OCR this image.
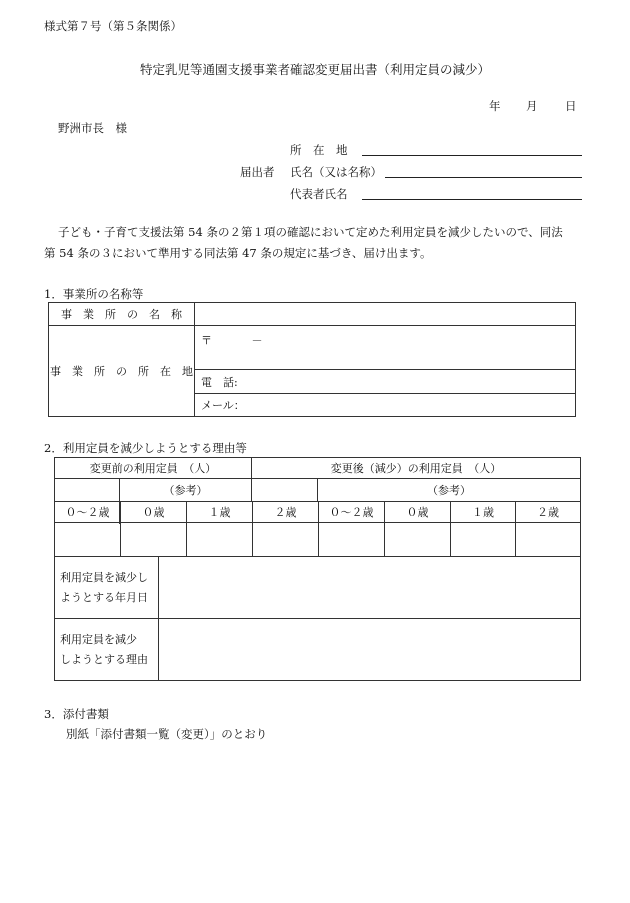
様式第７号（第５条関係）
特定乳児等通園支援事業者確認変更届出書（利用定員の減少）
年 月 日
野洲市長　様
所　在　地
届出者 氏名（又は名称）
代表者氏名
子ども・子育て支援法第 54 条の２第１項の確認において定めた利用定員を減少したいので、同法
第 54 条の３において準用する同法第 47 条の規定に基づき、届け出ます。
1．事業所の名称等
事　業　所　の　名　称	
事　業　所　の　所　在　地	〒 －
	電　話:
	メール：
2．利用定員を減少しようとする理由等
変更前の利用定員　（人）		変更後（減少）の利用定員　（人）	
	（参考）		（参考）

０～２歳	０歳	１歳	２歳	０～２歳	０歳	１歳	２歳

利用定員を減少し
ようとする年月日	

利用定員を減少
しようとする理由	

3．添付書類
別紙「添付書類一覧（変更）」のとおり
